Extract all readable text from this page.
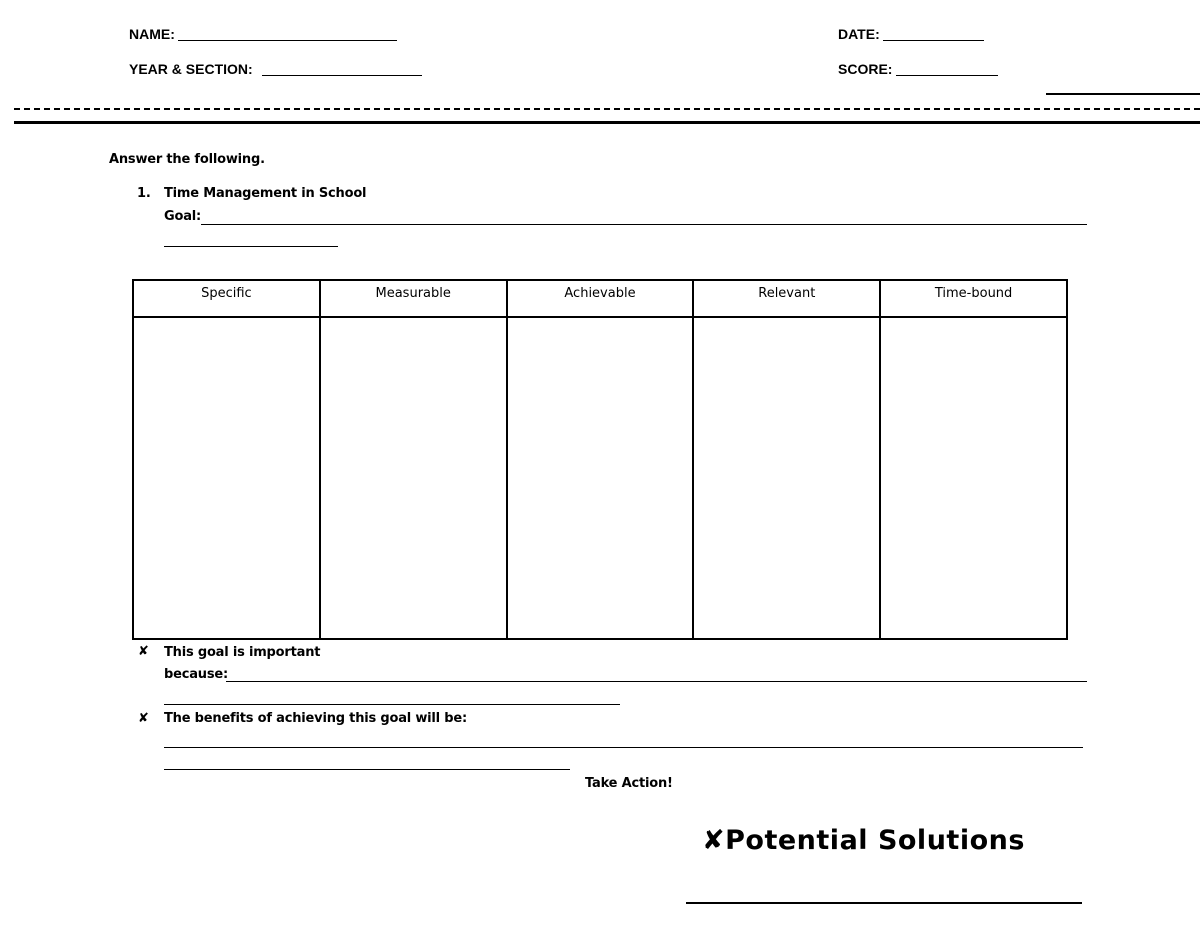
NAME:
YEAR & SECTION:
DATE:
SCORE:
Answer the following.
1. Time Management in School
Goal:
Specific	Measurable	Achievable	Relevant	Time-bound

✘ This goal is important
because:
✘ The benefits of achieving this goal will be:
Take Action!
✘Potential Solutions
